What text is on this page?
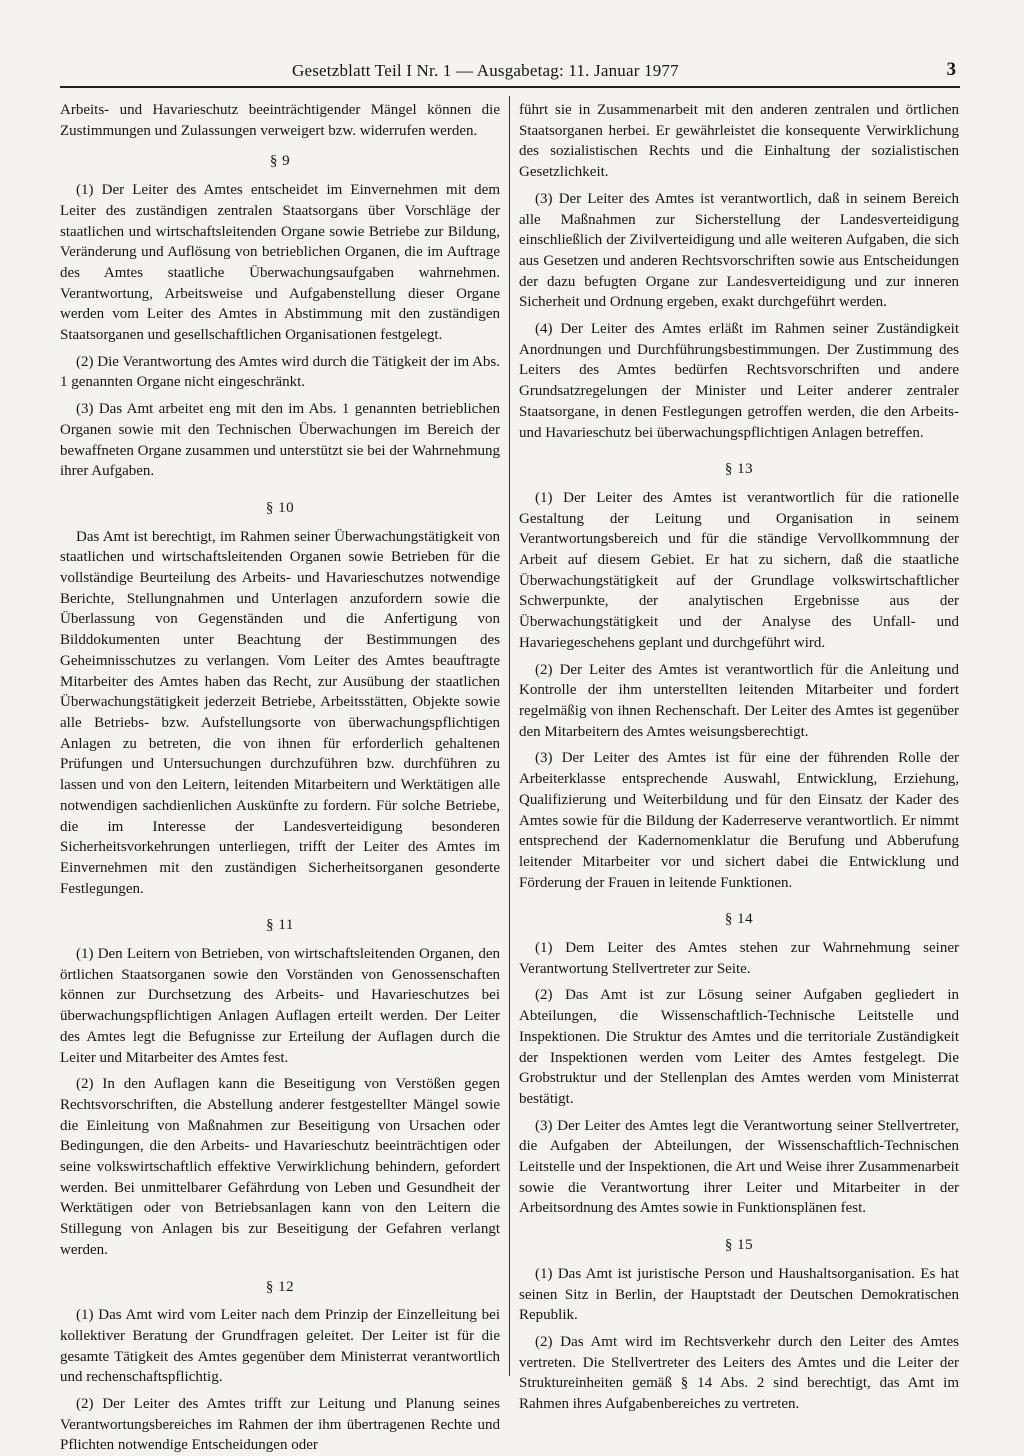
Gesetzblatt Teil I Nr. 1 — Ausgabetag: 11. Januar 1977	3

Arbeits- und Havarieschutz beeinträchtigender Mängel können die Zustimmungen und Zulassungen verweigert bzw. widerrufen werden.

§ 9

(1) Der Leiter des Amtes entscheidet im Einvernehmen mit dem Leiter des zuständigen zentralen Staatsorgans über Vorschläge der staatlichen und wirtschaftsleitenden Organe sowie Betriebe zur Bildung, Veränderung und Auflösung von betrieblichen Organen, die im Auftrage des Amtes staatliche Überwachungsaufgaben wahrnehmen. Verantwortung, Arbeitsweise und Aufgabenstellung dieser Organe werden vom Leiter des Amtes in Abstimmung mit den zuständigen Staatsorganen und gesellschaftlichen Organisationen festgelegt.

(2) Die Verantwortung des Amtes wird durch die Tätigkeit der im Abs. 1 genannten Organe nicht eingeschränkt.

(3) Das Amt arbeitet eng mit den im Abs. 1 genannten betrieblichen Organen sowie mit den Technischen Überwachungen im Bereich der bewaffneten Organe zusammen und unterstützt sie bei der Wahrnehmung ihrer Aufgaben.

§ 10

Das Amt ist berechtigt, im Rahmen seiner Überwachungstätigkeit von staatlichen und wirtschaftsleitenden Organen sowie Betrieben für die vollständige Beurteilung des Arbeits- und Havarieschutzes notwendige Berichte, Stellungnahmen und Unterlagen anzufordern sowie die Überlassung von Gegenständen und die Anfertigung von Bilddokumenten unter Beachtung der Bestimmungen des Geheimnisschutzes zu verlangen. Vom Leiter des Amtes beauftragte Mitarbeiter des Amtes haben das Recht, zur Ausübung der staatlichen Überwachungstätigkeit jederzeit Betriebe, Arbeitsstätten, Objekte sowie alle Betriebs- bzw. Aufstellungsorte von überwachungspflichtigen Anlagen zu betreten, die von ihnen für erforderlich gehaltenen Prüfungen und Untersuchungen durchzuführen bzw. durchführen zu lassen und von den Leitern, leitenden Mitarbeitern und Werktätigen alle notwendigen sachdienlichen Auskünfte zu fordern. Für solche Betriebe, die im Interesse der Landesverteidigung besonderen Sicherheitsvorkehrungen unterliegen, trifft der Leiter des Amtes im Einvernehmen mit den zuständigen Sicherheitsorganen gesonderte Festlegungen.

§ 11

(1) Den Leitern von Betrieben, von wirtschaftsleitenden Organen, den örtlichen Staatsorganen sowie den Vorständen von Genossenschaften können zur Durchsetzung des Arbeits- und Havarieschutzes bei überwachungspflichtigen Anlagen Auflagen erteilt werden. Der Leiter des Amtes legt die Befugnisse zur Erteilung der Auflagen durch die Leiter und Mitarbeiter des Amtes fest.

(2) In den Auflagen kann die Beseitigung von Verstößen gegen Rechtsvorschriften, die Abstellung anderer festgestellter Mängel sowie die Einleitung von Maßnahmen zur Beseitigung von Ursachen oder Bedingungen, die den Arbeits- und Havarieschutz beeinträchtigen oder seine volkswirtschaftlich effektive Verwirklichung behindern, gefordert werden. Bei unmittelbarer Gefährdung von Leben und Gesundheit der Werktätigen oder von Betriebsanlagen kann von den Leitern die Stillegung von Anlagen bis zur Beseitigung der Gefahren verlangt werden.

§ 12

(1) Das Amt wird vom Leiter nach dem Prinzip der Einzelleitung bei kollektiver Beratung der Grundfragen geleitet. Der Leiter ist für die gesamte Tätigkeit des Amtes gegenüber dem Ministerrat verantwortlich und rechenschaftspflichtig.

(2) Der Leiter des Amtes trifft zur Leitung und Planung seines Verantwortungsbereiches im Rahmen der ihm übertragenen Rechte und Pflichten notwendige Entscheidungen oder

führt sie in Zusammenarbeit mit den anderen zentralen und örtlichen Staatsorganen herbei. Er gewährleistet die konsequente Verwirklichung des sozialistischen Rechts und die Einhaltung der sozialistischen Gesetzlichkeit.

(3) Der Leiter des Amtes ist verantwortlich, daß in seinem Bereich alle Maßnahmen zur Sicherstellung der Landesverteidigung einschließlich der Zivilverteidigung und alle weiteren Aufgaben, die sich aus Gesetzen und anderen Rechtsvorschriften sowie aus Entscheidungen der dazu befugten Organe zur Landesverteidigung und zur inneren Sicherheit und Ordnung ergeben, exakt durchgeführt werden.

(4) Der Leiter des Amtes erläßt im Rahmen seiner Zuständigkeit Anordnungen und Durchführungsbestimmungen. Der Zustimmung des Leiters des Amtes bedürfen Rechtsvorschriften und andere Grundsatzregelungen der Minister und Leiter anderer zentraler Staatsorgane, in denen Festlegungen getroffen werden, die den Arbeits- und Havarieschutz bei überwachungspflichtigen Anlagen betreffen.

§ 13

(1) Der Leiter des Amtes ist verantwortlich für die rationelle Gestaltung der Leitung und Organisation in seinem Verantwortungsbereich und für die ständige Vervollkommnung der Arbeit auf diesem Gebiet. Er hat zu sichern, daß die staatliche Überwachungstätigkeit auf der Grundlage volkswirtschaftlicher Schwerpunkte, der analytischen Ergebnisse aus der Überwachungstätigkeit und der Analyse des Unfall- und Havariegeschehens geplant und durchgeführt wird.

(2) Der Leiter des Amtes ist verantwortlich für die Anleitung und Kontrolle der ihm unterstellten leitenden Mitarbeiter und fordert regelmäßig von ihnen Rechenschaft. Der Leiter des Amtes ist gegenüber den Mitarbeitern des Amtes weisungsberechtigt.

(3) Der Leiter des Amtes ist für eine der führenden Rolle der Arbeiterklasse entsprechende Auswahl, Entwicklung, Erziehung, Qualifizierung und Weiterbildung und für den Einsatz der Kader des Amtes sowie für die Bildung der Kaderreserve verantwortlich. Er nimmt entsprechend der Kadernomenklatur die Berufung und Abberufung leitender Mitarbeiter vor und sichert dabei die Entwicklung und Förderung der Frauen in leitende Funktionen.

§ 14

(1) Dem Leiter des Amtes stehen zur Wahrnehmung seiner Verantwortung Stellvertreter zur Seite.

(2) Das Amt ist zur Lösung seiner Aufgaben gegliedert in Abteilungen, die Wissenschaftlich-Technische Leitstelle und Inspektionen. Die Struktur des Amtes und die territoriale Zuständigkeit der Inspektionen werden vom Leiter des Amtes festgelegt. Die Grobstruktur und der Stellenplan des Amtes werden vom Ministerrat bestätigt.

(3) Der Leiter des Amtes legt die Verantwortung seiner Stellvertreter, die Aufgaben der Abteilungen, der Wissenschaftlich-Technischen Leitstelle und der Inspektionen, die Art und Weise ihrer Zusammenarbeit sowie die Verantwortung ihrer Leiter und Mitarbeiter in der Arbeitsordnung des Amtes sowie in Funktionsplänen fest.

§ 15

(1) Das Amt ist juristische Person und Haushaltsorganisation. Es hat seinen Sitz in Berlin, der Hauptstadt der Deutschen Demokratischen Republik.

(2) Das Amt wird im Rechtsverkehr durch den Leiter des Amtes vertreten. Die Stellvertreter des Leiters des Amtes und die Leiter der Struktureinheiten gemäß § 14 Abs. 2 sind berechtigt, das Amt im Rahmen ihres Aufgabenbereiches zu vertreten.
